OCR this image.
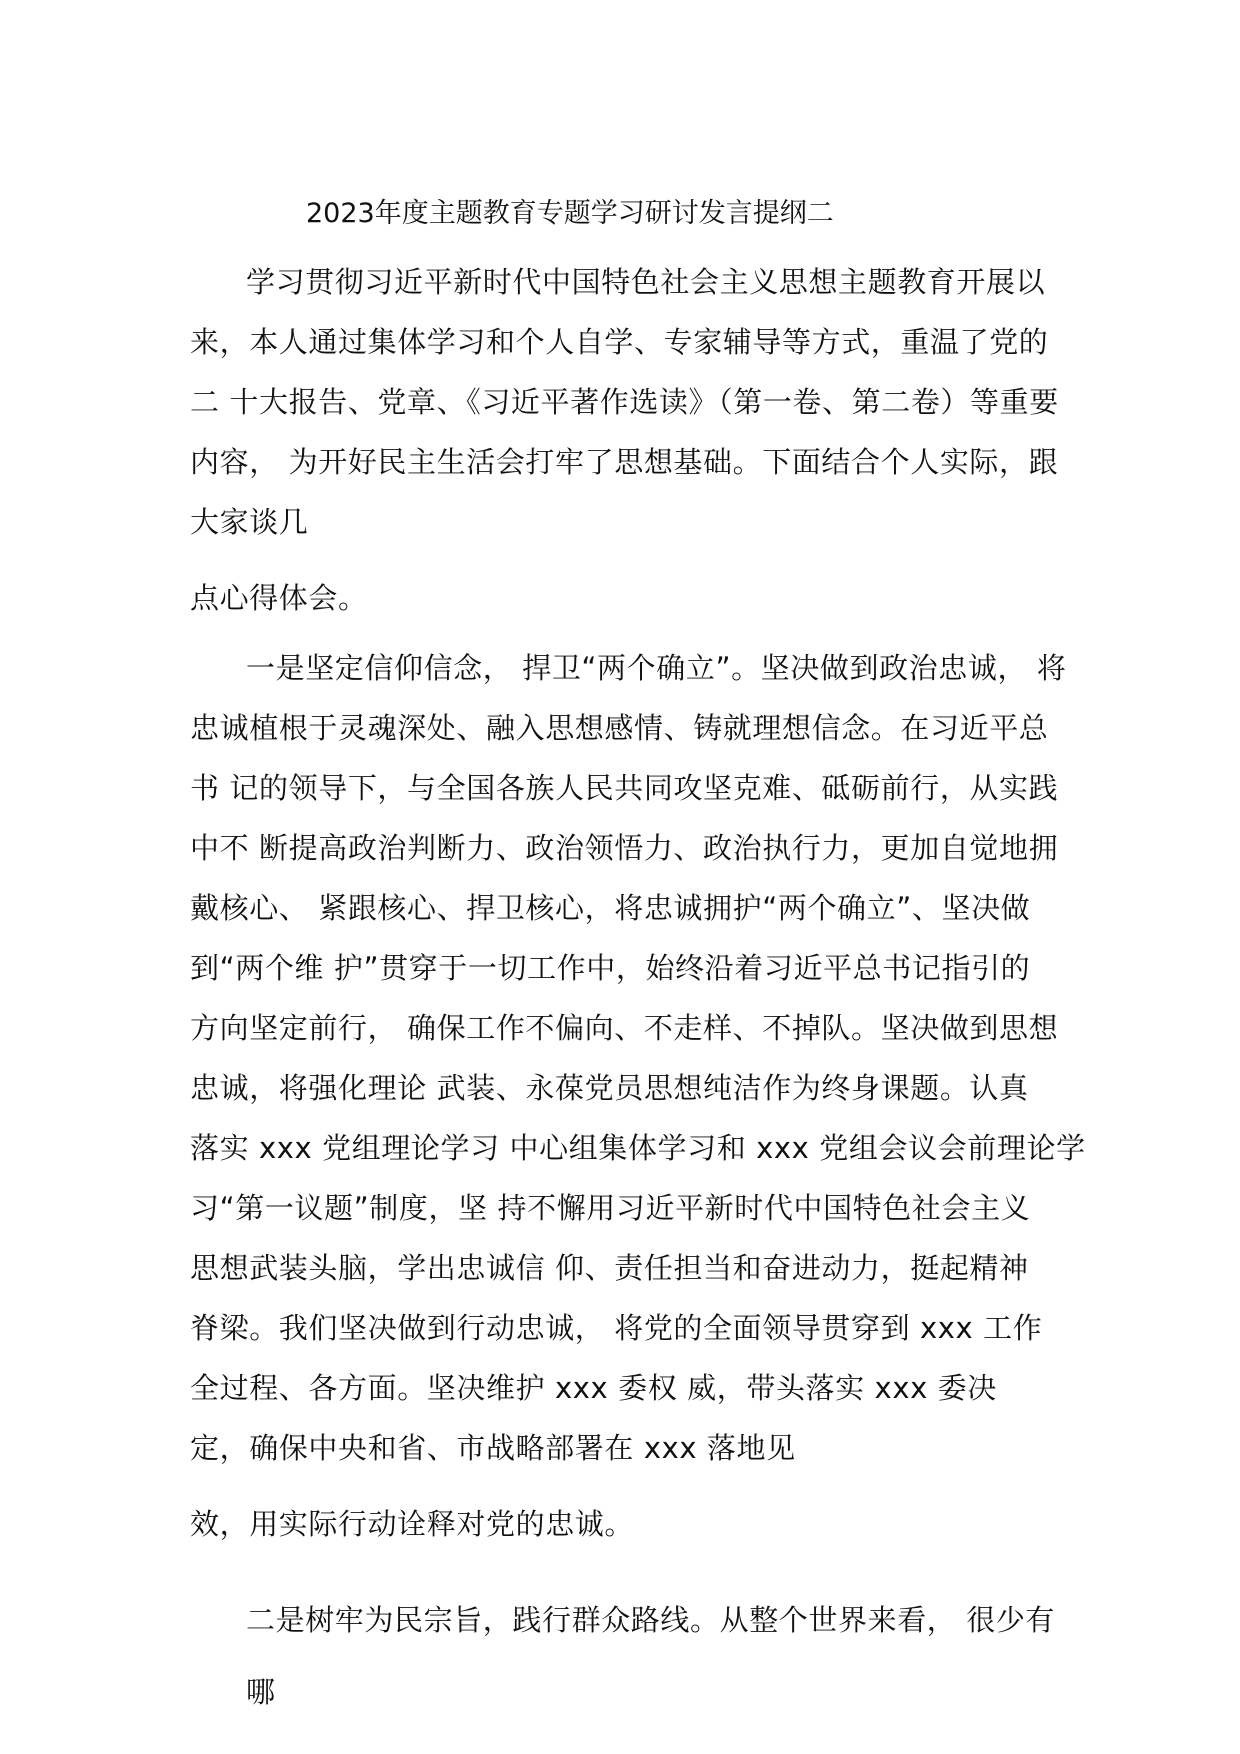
2023年度主题教育专题学习研讨发言提纲二
学习贯彻习近平新时代中国特色社会主义思想主题教育开展以
来，本人通过集体学习和个人自学、专家辅导等方式，重温了党的
二 十大报告、党章、《习近平著作选读》（第一卷、第二卷）等重要
内容， 为开好民主生活会打牢了思想基础。下面结合个人实际，跟
大家谈几
点心得体会。
一是坚定信仰信念， 捍卫“两个确立”。坚决做到政治忠诚， 将
忠诚植根于灵魂深处、融入思想感情、铸就理想信念。在习近平总
书 记的领导下，与全国各族人民共同攻坚克难、砥砺前行，从实践
中不 断提高政治判断力、政治领悟力、政治执行力，更加自觉地拥
戴核心、 紧跟核心、捍卫核心，将忠诚拥护“两个确立”、坚决做
到“两个维 护”贯穿于一切工作中，始终沿着习近平总书记指引的
方向坚定前行， 确保工作不偏向、不走样、不掉队。坚决做到思想
忠诚，将强化理论 武装、永葆党员思想纯洁作为终身课题。认真
落实 xxx 党组理论学习 中心组集体学习和 xxx 党组会议会前理论学
习“第一议题”制度，坚 持不懈用习近平新时代中国特色社会主义
思想武装头脑，学出忠诚信 仰、责任担当和奋进动力，挺起精神
脊梁。我们坚决做到行动忠诚， 将党的全面领导贯穿到 xxx 工作
全过程、各方面。坚决维护 xxx 委权 威，带头落实 xxx 委决
定，确保中央和省、市战略部署在 xxx 落地见
效，用实际行动诠释对党的忠诚。
二是树牢为民宗旨，践行群众路线。从整个世界来看， 很少有
哪
